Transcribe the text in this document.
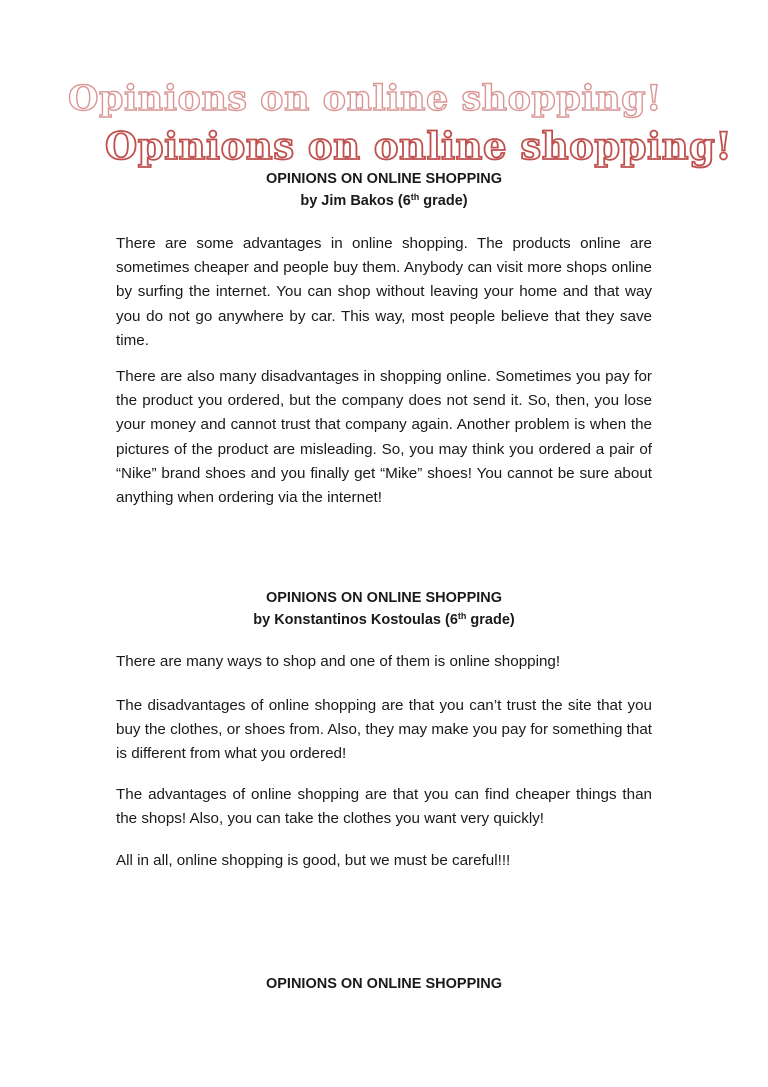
Opinions on online shopping!
Opinions on online shopping!
OPINIONS ON ONLINE SHOPPING
by Jim Bakos (6th grade)
There are some advantages in online shopping. The products online are sometimes cheaper and people buy them. Anybody can visit more shops online by surfing the internet. You can shop without leaving your home and that way you do not go anywhere by car. This way, most people believe that they save time.
There are also many disadvantages in shopping online. Sometimes you pay for the product you ordered, but the company does not send it. So, then, you lose your money and cannot trust that company again. Another problem is when the pictures of the product are misleading. So, you may think you ordered a pair of “Nike” brand shoes and you finally get “Mike” shoes! You cannot be sure about anything when ordering via the internet!
OPINIONS ON ONLINE SHOPPING
by Konstantinos Kostoulas (6th grade)
There are many ways to shop and one of them is online shopping!
The disadvantages of online shopping are that you can’t trust the site that you buy the clothes, or shoes from. Also, they may make you pay for something that is different from what you ordered!
The advantages of online shopping are that you can find cheaper things than the shops! Also, you can take the clothes you want very quickly!
All in all, online shopping is good, but we must be careful!!!
OPINIONS ON ONLINE SHOPPING
